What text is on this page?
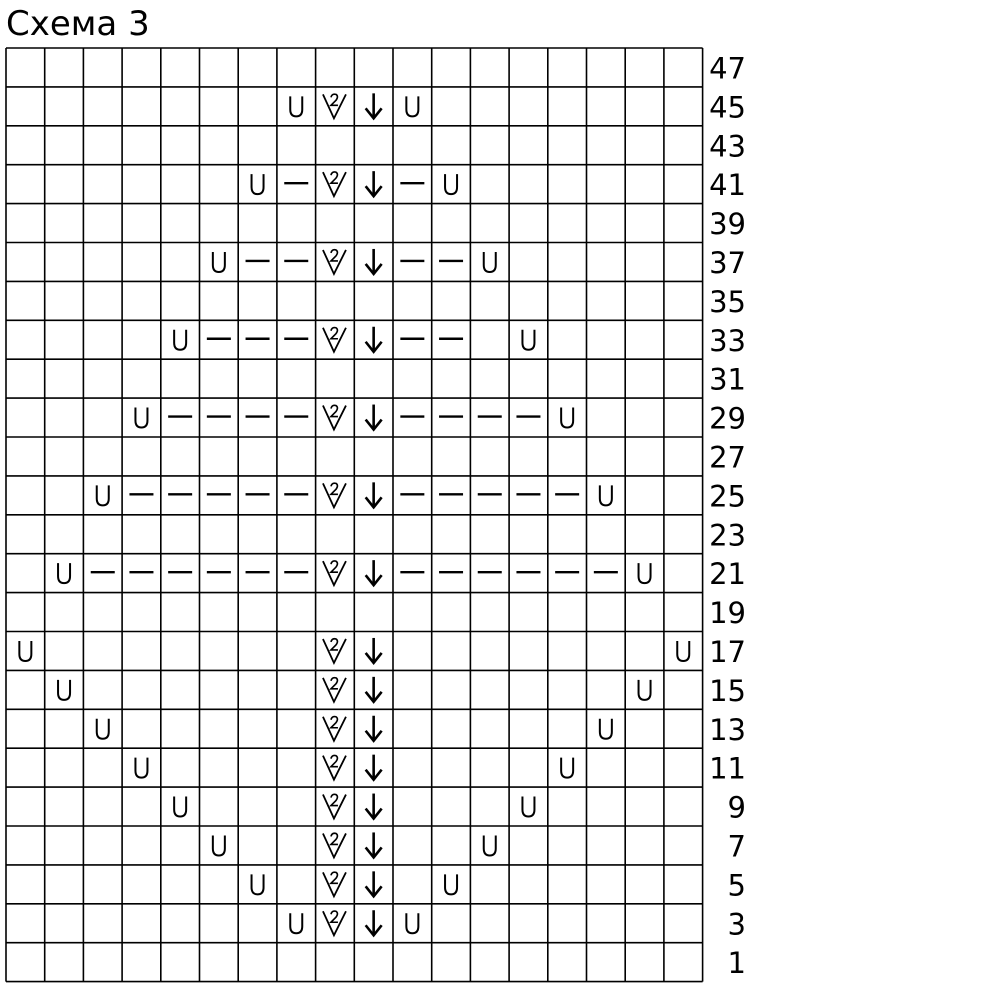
Схема 3
47
45
43
41
39
37
35
33
31
29
27
25
23
21
19
17
15
13
11
9
7
5
3
1
